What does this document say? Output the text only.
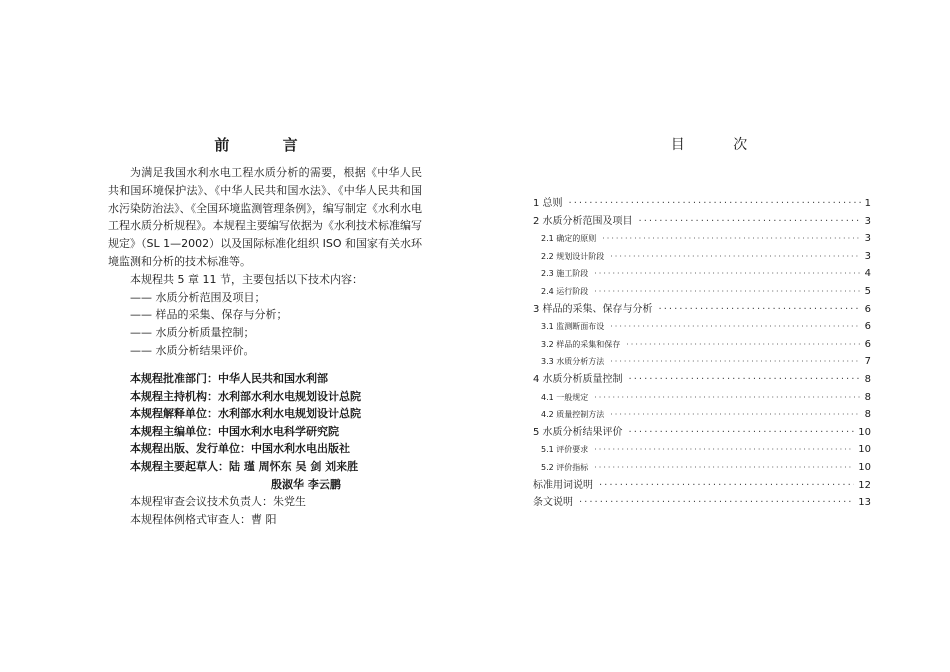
前 言

为满足我国水利水电工程水质分析的需要，根据《中华人民共和国环境保护法》、《中华人民共和国水法》、《中华人民共和国水污染防治法》、《全国环境监测管理条例》，编写制定《水利水电工程水质分析规程》。本规程主要编写依据为《水利技术标准编写规定》（SL 1—2002）以及国际标准化组织 ISO 和国家有关水环境监测和分析的技术标准等。

本规程共 5 章 11 节，主要包括以下技术内容：

—— 水质分析范围及项目；

—— 样品的采集、保存与分析；

—— 水质分析质量控制；

—— 水质分析结果评价。

本规程批准部门：中华人民共和国水利部

本规程主持机构：水利部水利水电规划设计总院

本规程解释单位：水利部水利水电规划设计总院

本规程主编单位：中国水利水电科学研究院

本规程出版、发行单位：中国水利水电出版社

本规程主要起草人：陆 瑾 周怀东 吴 剑 刘来胜

殷淑华 李云鹏

本规程审查会议技术负责人：朱党生

本规程体例格式审查人：曹 阳

目 次
1 总则 ·····	1
2 水质分析范围及项目 ·····	3
2.1 确定的原则 ·····	3
2.2 规划设计阶段 ·····	3
2.3 施工阶段 ·····	4
2.4 运行阶段 ·····	5
3 样品的采集、保存与分析 ·····	6
3.1 监测断面布设 ·····	6
3.2 样品的采集和保存 ·····	6
3.3 水质分析方法 ·····	7
4 水质分析质量控制 ·····	8
4.1 一般规定 ·····	8
4.2 质量控制方法 ·····	8
5 水质分析结果评价 ·····	10
5.1 评价要求 ·····	10
5.2 评价指标 ·····	10
标准用词说明 ·····	12
条文说明 ·····	13
